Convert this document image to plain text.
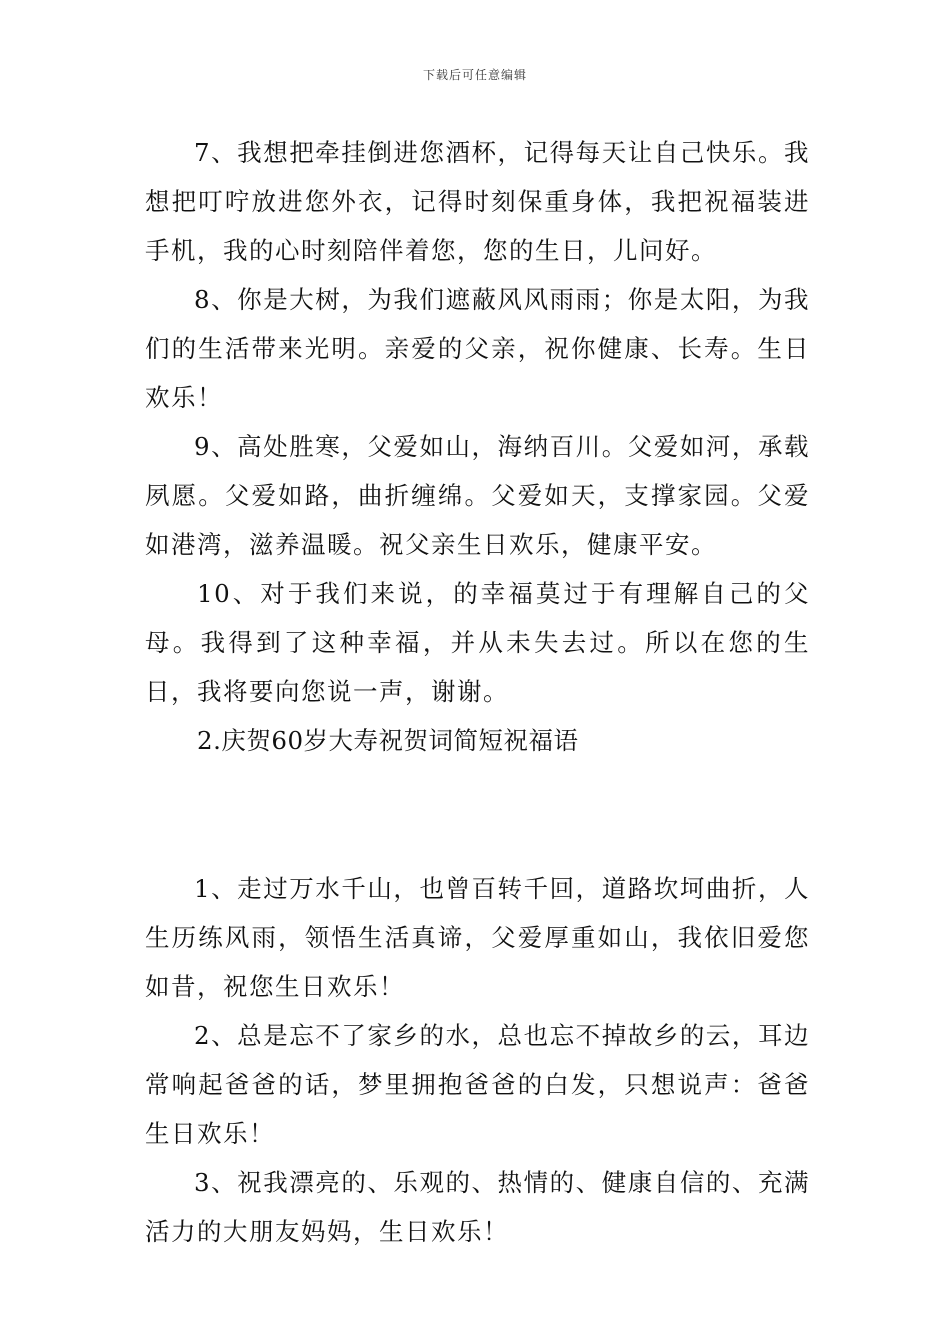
下载后可任意编辑

7、我想把牵挂倒进您酒杯，记得每天让自己快乐。我想把叮咛放进您外衣，记得时刻保重身体，我把祝福装进手机，我的心时刻陪伴着您，您的生日，儿问好。

8、你是大树，为我们遮蔽风风雨雨；你是太阳，为我们的生活带来光明。亲爱的父亲，祝你健康、长寿。生日欢乐！

9、高处胜寒，父爱如山，海纳百川。父爱如河，承载夙愿。父爱如路，曲折缠绵。父爱如天，支撑家园。父爱如港湾，滋养温暖。祝父亲生日欢乐，健康平安。

10、对于我们来说，的幸福莫过于有理解自己的父母。我得到了这种幸福，并从未失去过。所以在您的生日，我将要向您说一声，谢谢。

2.庆贺60岁大寿祝贺词简短祝福语

1、走过万水千山，也曾百转千回，道路坎坷曲折，人生历练风雨，领悟生活真谛，父爱厚重如山，我依旧爱您如昔，祝您生日欢乐！

2、总是忘不了家乡的水，总也忘不掉故乡的云，耳边常响起爸爸的话，梦里拥抱爸爸的白发，只想说声：爸爸生日欢乐！

3、祝我漂亮的、乐观的、热情的、健康自信的、充满活力的大朋友妈妈，生日欢乐！
